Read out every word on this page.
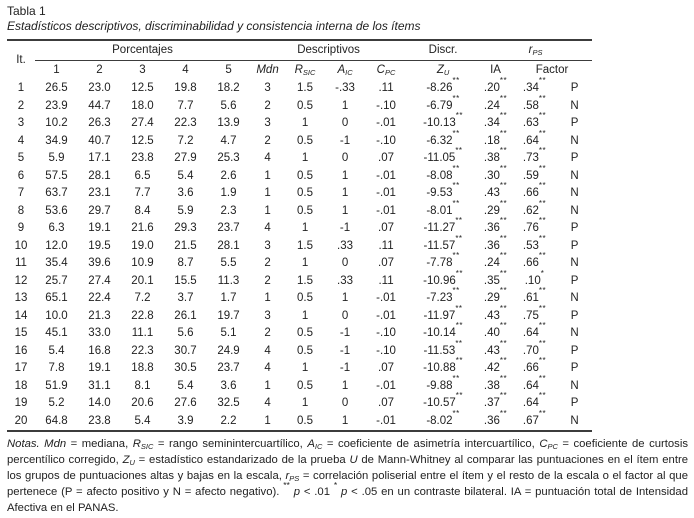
Tabla 1
Estadísticos descriptivos, discriminabilidad y consistencia interna de los ítems
It.	Porcentajes					Descriptivos				Discr.	$r_{PS}$
	1	2	3	4	5	Mdn	$R_{SIC}$	$A_{IC}$	$C_{PC}$	$Z_U$	IA	Factor	
1	26.5	23.0	12.5	19.8	18.2	3	1.5	-.33	.11	-8.26**	.20**	.34**	P
2	23.9	44.7	18.0	7.7	5.6	2	0.5	1	-.10	-6.79**	.24**	.58**	N
3	10.2	26.3	27.4	22.3	13.9	3	1	0	-.01	-10.13**	.34**	.63**	P
4	34.9	40.7	12.5	7.2	4.7	2	0.5	-1	-.10	-6.32**	.18**	.64**	N
5	5.9	17.1	23.8	27.9	25.3	4	1	0	.07	-11.05**	.38**	.73**	P
6	57.5	28.1	6.5	5.4	2.6	1	0.5	1	-.01	-8.08**	.30**	.59**	N
7	63.7	23.1	7.7	3.6	1.9	1	0.5	1	-.01	-9.53**	.43**	.66**	N
8	53.6	29.7	8.4	5.9	2.3	1	0.5	1	-.01	-8.01**	.29**	.62**	N
9	6.3	19.1	21.6	29.3	23.7	4	1	-1	.07	-11.27**	.36**	.76**	P
10	12.0	19.5	19.0	21.5	28.1	3	1.5	.33	.11	-11.57**	.36**	.53**	P
11	35.4	39.6	10.9	8.7	5.5	2	1	0	.07	-7.78**	.24**	.66**	N
12	25.7	27.4	20.1	15.5	11.3	2	1.5	.33	.11	-10.96**	.35**	.10*	P
13	65.1	22.4	7.2	3.7	1.7	1	0.5	1	-.01	-7.23**	.29**	.61**	N
14	10.0	21.3	22.8	26.1	19.7	3	1	0	-.01	-11.97**	.43**	.75**	P
15	45.1	33.0	11.1	5.6	5.1	2	0.5	-1	-.10	-10.14**	.40**	.64**	N
16	5.4	16.8	22.3	30.7	24.9	4	0.5	-1	-.10	-11.53**	.43**	.70**	P
17	7.8	19.1	18.8	30.5	23.7	4	1	-1	.07	-10.88**	.42**	.66**	P
18	51.9	31.1	8.1	5.4	3.6	1	0.5	1	-.01	-9.88**	.38**	.64**	N
19	5.2	14.0	20.6	27.6	32.5	4	1	0	.07	-10.57**	.37**	.64**	P
20	64.8	23.8	5.4	3.9	2.2	1	0.5	1	-.01	-8.02**	.36**	.67**	N

Notas. Mdn = mediana, $R_{SIC}$ = rango seminintercuartílico, $A_{IC}$ = coeficiente de asimetría intercuartílico, $C_{PC}$ = coeficiente de curtosis percentílico corregido, $Z_U$ = estadístico estandarizado de la prueba U de Mann-Whitney al comparar las puntuaciones en el ítem entre los grupos de puntuaciones altas y bajas en la escala, $r_{PS}$ = correlación poliserial entre el ítem y el resto de la escala o el factor al que pertenece (P = afecto positivo y N = afecto negativo). ** p < .01 * p < .05 en un contraste bilateral. IA = puntuación total de Intensidad Afectiva en el PANAS.
